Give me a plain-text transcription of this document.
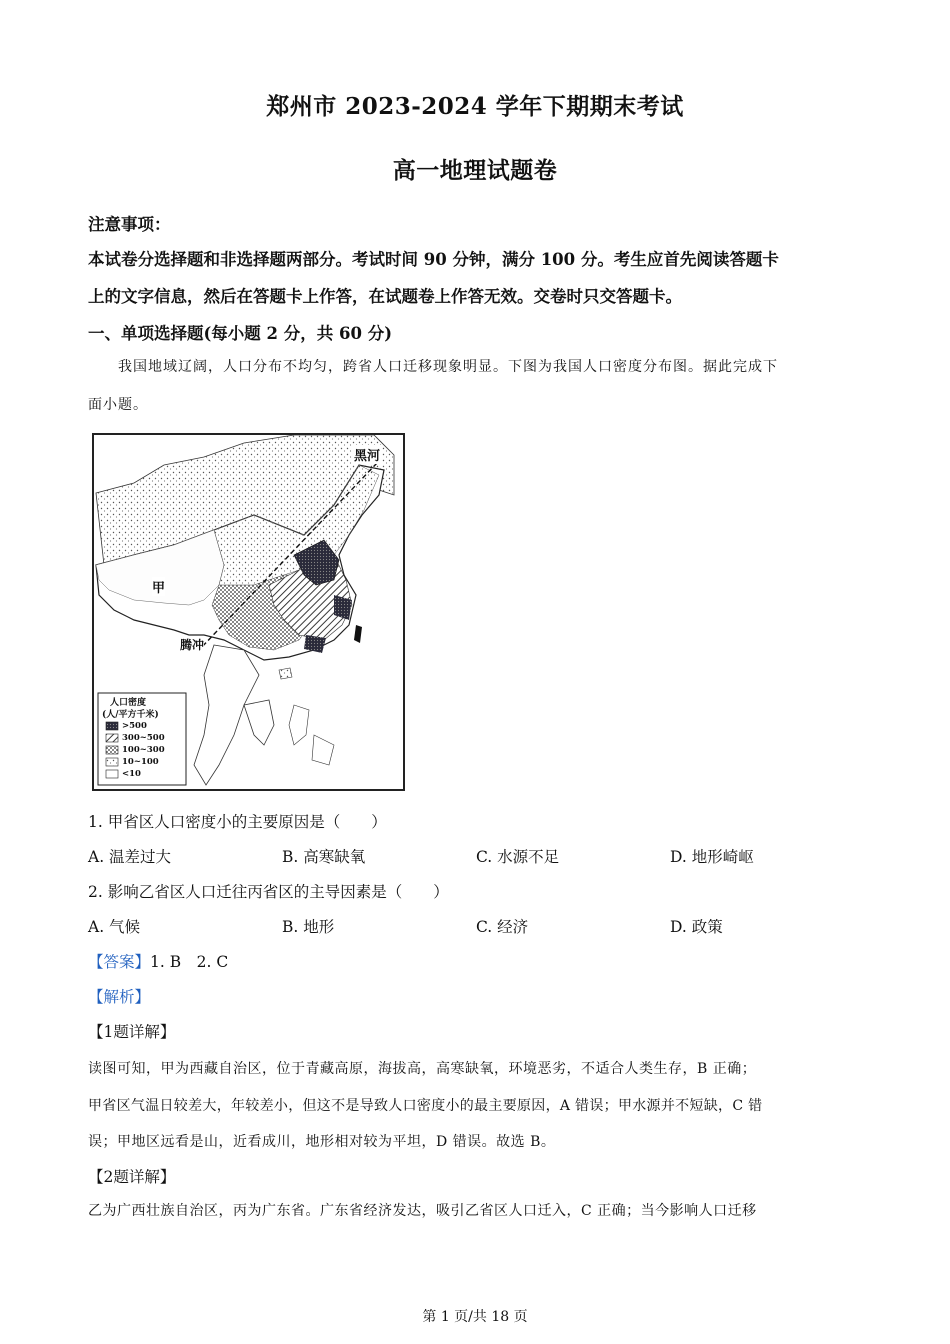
郑州市 2023-2024 学年下期期末考试
高一地理试题卷
注意事项：
本试卷分选择题和非选择题两部分。考试时间 90 分钟，满分 100 分。考生应首先阅读答题卡
上的文字信息，然后在答题卡上作答，在试题卷上作答无效。交卷时只交答题卡。
一、单项选择题(每小题 2 分，共 60 分)
我国地域辽阔，人口分布不均匀，跨省人口迁移现象明显。下图为我国人口密度分布图。据此完成下
面小题。
黑河
甲
腾冲	丙
人口密度
(人/平方千米)
>500
300~500
100~300
10~100
<10
1. 甲省区人口密度小的主要原因是（　　）
A. 温差过大	B. 高寒缺氧	C. 水源不足	D. 地形崎岖
2. 影响乙省区人口迁往丙省区的主导因素是（　　）
A. 气候	B. 地形	C. 经济	D. 政策
【答案】1. B　2. C
【解析】
【1题详解】
读图可知，甲为西藏自治区，位于青藏高原，海拔高，高寒缺氧，环境恶劣，不适合人类生存，B 正确；
甲省区气温日较差大，年较差小，但这不是导致人口密度小的最主要原因，A 错误；甲水源并不短缺，C 错
误；甲地区远看是山，近看成川，地形相对较为平坦，D 错误。故选 B。
【2题详解】
乙为广西壮族自治区，丙为广东省。广东省经济发达，吸引乙省区人口迁入，C 正确；当今影响人口迁移
第 1 页/共 18 页
